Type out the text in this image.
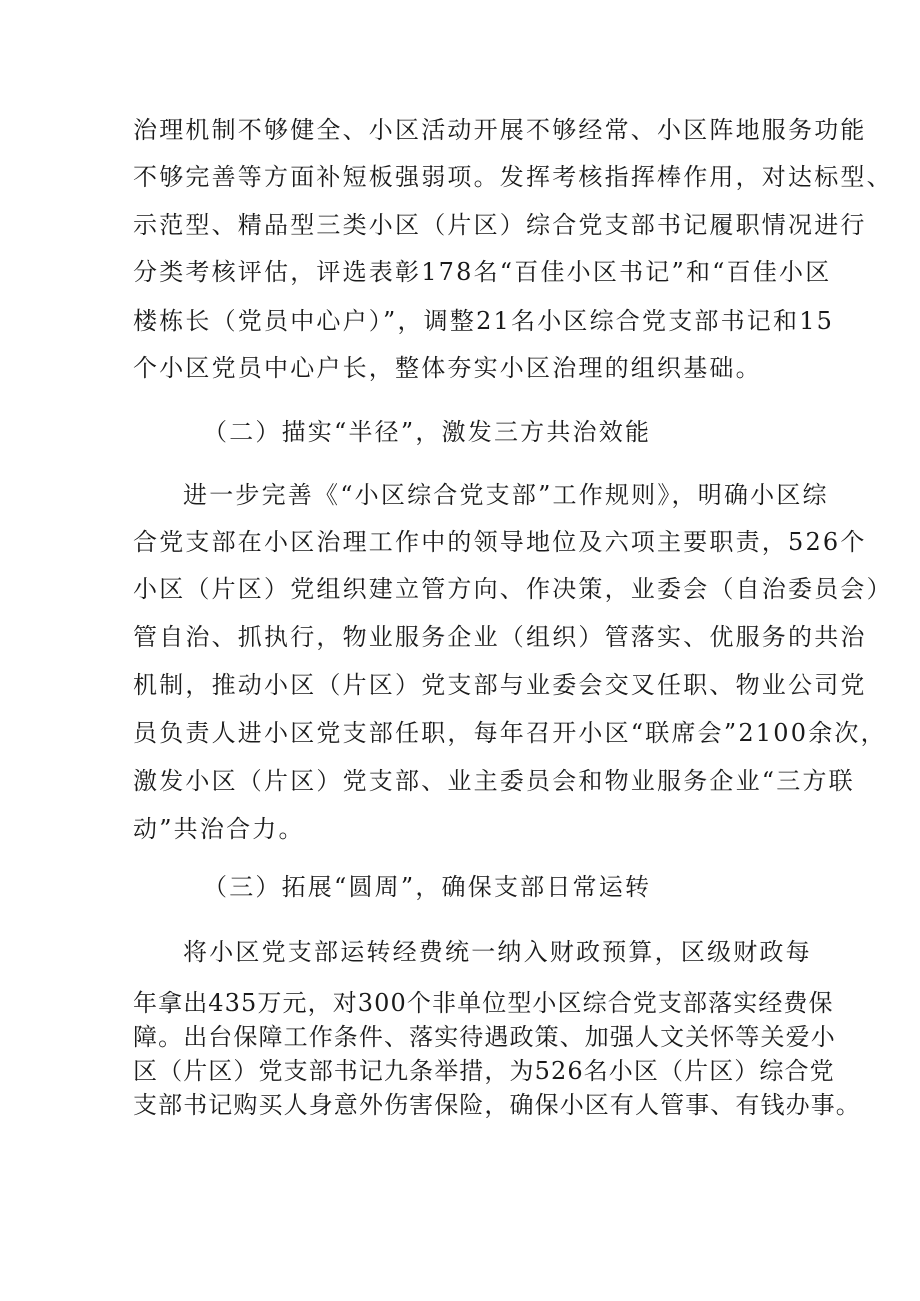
治理机制不够健全、小区活动开展不够经常、小区阵地服务功能

不够完善等方面补短板强弱项。发挥考核指挥棒作用，对达标型、

示范型、精品型三类小区（片区）综合党支部书记履职情况进行

分类考核评估，评选表彰178名“百佳小区书记”和“百佳小区

楼栋长（党员中心户）”，调整21名小区综合党支部书记和15

个小区党员中心户长，整体夯实小区治理的组织基础。

（二）描实“半径”，激发三方共治效能

进一步完善《“小区综合党支部”工作规则》，明确小区综

合党支部在小区治理工作中的领导地位及六项主要职责，526个

小区（片区）党组织建立管方向、作决策，业委会（自治委员会）

管自治、抓执行，物业服务企业（组织）管落实、优服务的共治

机制，推动小区（片区）党支部与业委会交叉任职、物业公司党

员负责人进小区党支部任职，每年召开小区“联席会”2100余次，

激发小区（片区）党支部、业主委员会和物业服务企业“三方联

动”共治合力。

（三）拓展“圆周”，确保支部日常运转

将小区党支部运转经费统一纳入财政预算，区级财政每

年拿出435万元，对300个非单位型小区综合党支部落实经费保

障。出台保障工作条件、落实待遇政策、加强人文关怀等关爱小

区（片区）党支部书记九条举措，为526名小区（片区）综合党

支部书记购买人身意外伤害保险，确保小区有人管事、有钱办事。
